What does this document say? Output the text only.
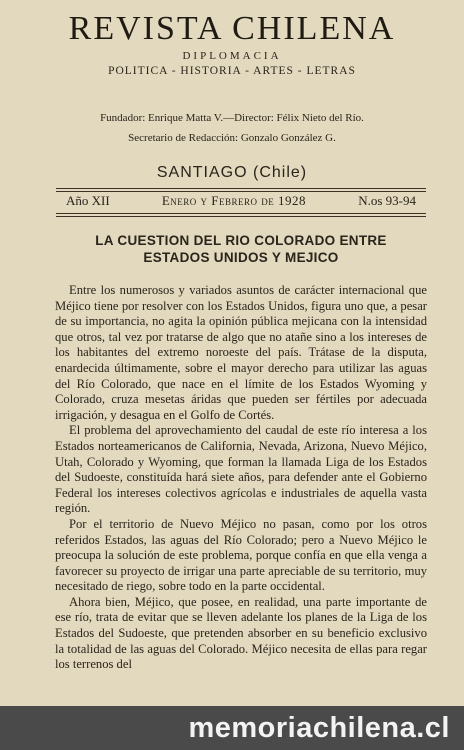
REVISTA CHILENA
DIPLOMACIA
POLITICA - HISTORIA - ARTES - LETRAS
Fundador: Enrique Matta V.—Director: Félix Nieto del Río.
Secretario de Redacción: Gonzalo González G.
SANTIAGO (Chile)
Año XII	Enero y Febrero de 1928	N.os 93-94
LA CUESTION DEL RIO COLORADO ENTRE
ESTADOS UNIDOS Y MEJICO

Entre los numerosos y variados asuntos de carácter internacional que Méjico tiene por resolver con los Estados Unidos, figura uno que, a pesar de su importancia, no agita la opinión pública mejicana con la intensidad que otros, tal vez por tratarse de algo que no atañe sino a los intereses de los habitantes del extremo noroeste del país. Trátase de la disputa, enardecida últimamente, sobre el mayor derecho para utilizar las aguas del Río Colorado, que nace en el límite de los Estados Wyoming y Colorado, cruza mesetas áridas que pueden ser fértiles por adecuada irrigación, y desagua en el Golfo de Cortés.

El problema del aprovechamiento del caudal de este río interesa a los Estados norteamericanos de California, Nevada, Arizona, Nuevo Méjico, Utah, Colorado y Wyoming, que forman la llamada Liga de los Estados del Sudoeste, constituída hará siete años, para defender ante el Gobierno Federal los intereses colectivos agrícolas e industriales de aquella vasta región.

Por el territorio de Nuevo Méjico no pasan, como por los otros referidos Estados, las aguas del Río Colorado; pero a Nuevo Méjico le preocupa la solución de este problema, porque confía en que ella venga a favorecer su proyecto de irrigar una parte apreciable de su territorio, muy necesitado de riego, sobre todo en la parte occidental.

Ahora bien, Méjico, que posee, en realidad, una parte importante de ese río, trata de evitar que se lleven adelante los planes de la Liga de los Estados del Sudoeste, que pretenden absorber en su beneficio exclusivo la totalidad de las aguas del Colorado. Méjico necesita de ellas para regar los terrenos del

memoriachilena.cl
